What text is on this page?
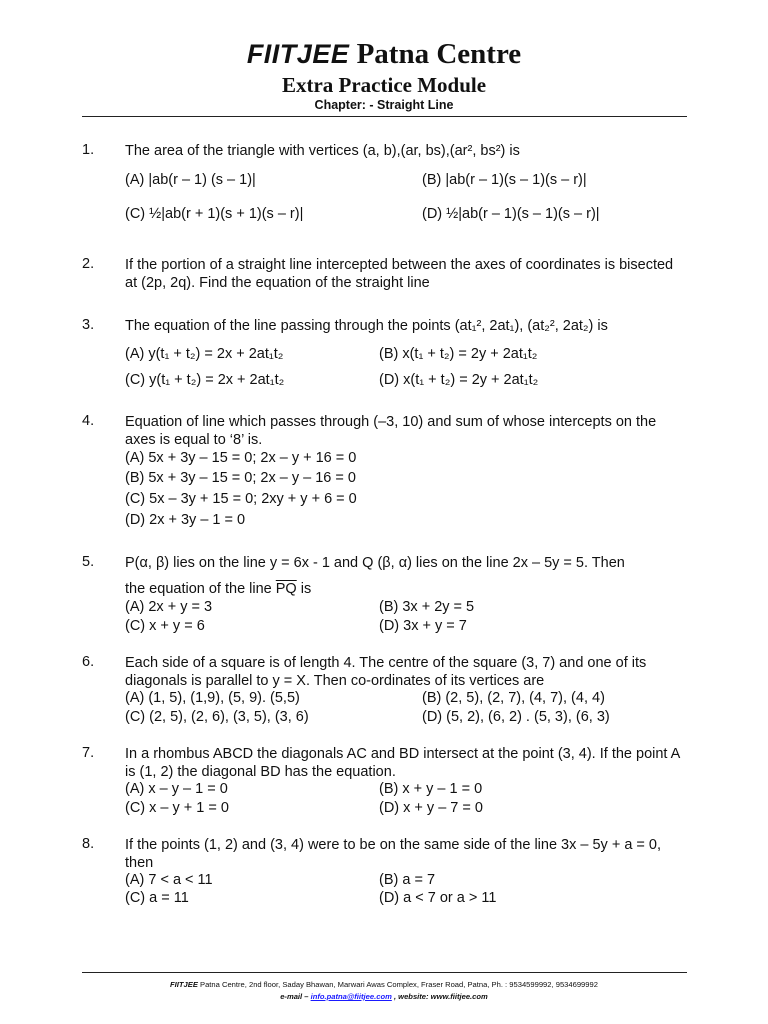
FIITJEE Patna Centre
Extra Practice Module
Chapter: - Straight Line
1. The area of the triangle with vertices (a, b),(ar, bs),(ar², bs²) is
(A) |ab(r – 1) (s – 1)|	(B) |ab(r – 1)(s – 1)(s – r)|
(C) ½|ab(r + 1)(s + 1)(s – r)|	(D) ½|ab(r – 1)(s – 1)(s – r)|
2. If the portion of a straight line intercepted between the axes of coordinates is bisected at (2p, 2q). Find the equation of the straight line
3. The equation of the line passing through the points (at₁², 2at₁), (at₂², 2at₂) is
(A) y(t₁ + t₂) = 2x + 2at₁t₂	(B) x(t₁ + t₂) = 2y + 2at₁t₂
(C) y(t₁ + t₂) = 2x + 2at₁t₂	(D) x(t₁ + t₂) = 2y + 2at₁t₂
4. Equation of line which passes through (–3, 10) and sum of whose intercepts on the axes is equal to ‘8’ is.
(A) 5x + 3y – 15 = 0; 2x – y + 16 = 0
(B) 5x + 3y – 15 = 0; 2x – y – 16 = 0
(C) 5x – 3y + 15 = 0; 2xy + y + 6 = 0
(D) 2x + 3y – 1 = 0
5. P(α, β) lies on the line y = 6x - 1 and Q (β, α) lies on the line 2x – 5y = 5. Then
the equation of the line $\overline{PQ}$ is
(A) 2x + y = 3	(B) 3x + 2y = 5
(C) x + y = 6	(D) 3x + y = 7
6. Each side of a square is of length 4. The centre of the square (3, 7) and one of its diagonals is parallel to y = X. Then co-ordinates of its vertices are
(A) (1, 5), (1,9), (5, 9). (5,5)	(B) (2, 5), (2, 7), (4, 7), (4, 4)
(C) (2, 5), (2, 6), (3, 5), (3, 6)	(D) (5, 2), (6, 2) . (5, 3), (6, 3)
7. In a rhombus ABCD the diagonals AC and BD intersect at the point (3, 4). If the point A is (1, 2) the diagonal BD has the equation.
(A) x – y – 1 = 0	(B) x + y – 1 = 0
(C) x – y + 1 = 0	(D) x + y – 7 = 0
8. If the points (1, 2) and (3, 4) were to be on the same side of the line 3x – 5y + a = 0, then
(A) 7 < a < 11	(B) a = 7
(C) a = 11	(D) a < 7 or a > 11
FIITJEE Patna Centre, 2nd floor, Saday Bhawan, Marwari Awas Complex, Fraser Road, Patna, Ph. : 9534599992, 9534699992
e-mail – info.patna@fiitjee.com , website: www.fiitjee.com
